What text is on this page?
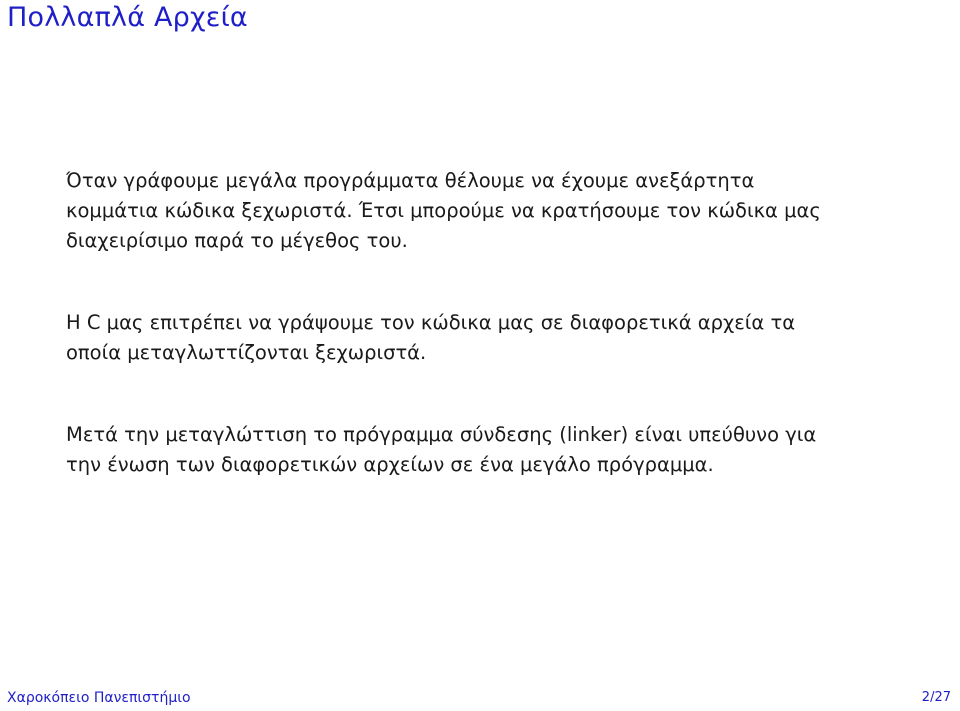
Πολλαπλά Αρχεία

Όταν γράφουμε μεγάλα προγράμματα θέλουμε να έχουμε ανεξάρτητα
κομμάτια κώδικα ξεχωριστά. Έτσι μπορούμε να κρατήσουμε τον κώδικα μας
διαχειρίσιμο παρά το μέγεθος του.

Η C μας επιτρέπει να γράψουμε τον κώδικα μας σε διαφορετικά αρχεία τα
οποία μεταγλωττίζονται ξεχωριστά.

Μετά την μεταγλώττιση το πρόγραμμα σύνδεσης (linker) είναι υπεύθυνο για
την ένωση των διαφορετικών αρχείων σε ένα μεγάλο πρόγραμμα.

Χαροκόπειο Πανεπιστήμιο	2/27
